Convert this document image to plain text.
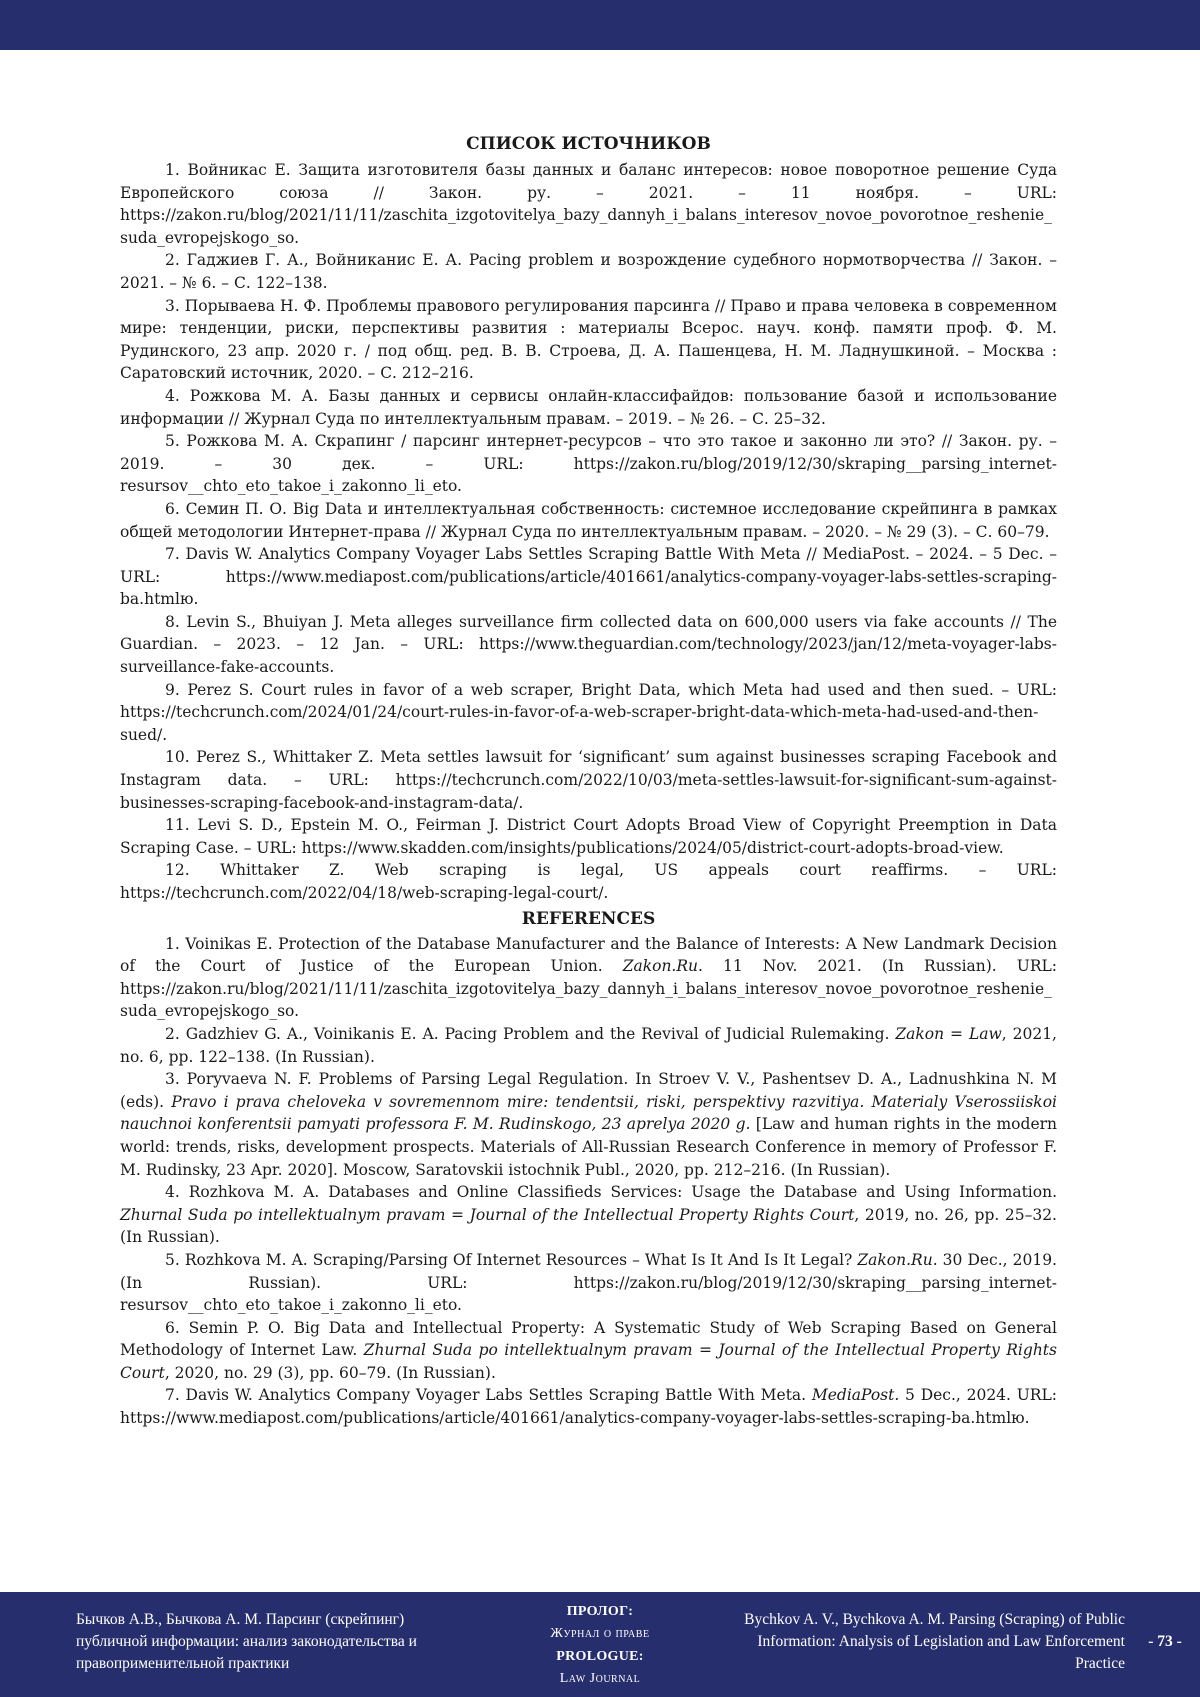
СПИСОК ИСТОЧНИКОВ
1. Войникас Е. Защита изготовителя базы данных и баланс интересов: новое поворотное решение Суда Европейского союза // Закон. ру. – 2021. – 11 ноября. – URL: https://zakon.ru/blog/2021/11/11/zaschita_izgotovitelya_bazy_dannyh_i_balans_interesov_novoe_povorotnoe_reshenie_suda_evropejskogo_so.
2. Гаджиев Г. А., Войниканис Е. А. Pacing problem и возрождение судебного нормотворчества // Закон. – 2021. – № 6. – С. 122–138.
3. Порываева Н. Ф. Проблемы правового регулирования парсинга // Право и права человека в современном мире: тенденции, риски, перспективы развития : материалы Всерос. науч. конф. памяти проф. Ф. М. Рудинского, 23 апр. 2020 г. / под общ. ред. В. В. Строева, Д. А. Пашенцева, Н. М. Ладнушкиной. – Москва : Саратовский источник, 2020. – С. 212–216.
4. Рожкова М. А. Базы данных и сервисы онлайн-классифайдов: пользование базой и использование информации // Журнал Суда по интеллектуальным правам. – 2019. – № 26. – С. 25–32.
5. Рожкова М. А. Скрапинг / парсинг интернет-ресурсов – что это такое и законно ли это? // Закон. ру. – 2019. – 30 дек. – URL: https://zakon.ru/blog/2019/12/30/skraping__parsing_internet-resursov__chto_eto_takoe_i_zakonno_li_eto.
6. Семин П. О. Big Data и интеллектуальная собственность: системное исследование скрейпинга в рамках общей методологии Интернет-права // Журнал Суда по интеллектуальным правам. – 2020. – № 29 (3). – С. 60–79.
7. Davis W. Analytics Company Voyager Labs Settles Scraping Battle With Meta // MediaPost. – 2024. – 5 Dec. – URL: https://www.mediapost.com/publications/article/401661/analytics-company-voyager-labs-settles-scraping-ba.htmlю.
8. Levin S., Bhuiyan J. Meta alleges surveillance firm collected data on 600,000 users via fake accounts // The Guardian. – 2023. – 12 Jan. – URL: https://www.theguardian.com/technology/2023/jan/12/meta-voyager-labs-surveillance-fake-accounts.
9. Perez S. Court rules in favor of a web scraper, Bright Data, which Meta had used and then sued. – URL: https://techcrunch.com/2024/01/24/court-rules-in-favor-of-a-web-scraper-bright-data-which-meta-had-used-and-then-sued/.
10. Perez S., Whittaker Z. Meta settles lawsuit for ‘significant’ sum against businesses scraping Facebook and Instagram data. – URL: https://techcrunch.com/2022/10/03/meta-settles-lawsuit-for-significant-sum-against-businesses-scraping-facebook-and-instagram-data/.
11. Levi S. D., Epstein M. O., Feirman J. District Court Adopts Broad View of Copyright Preemption in Data Scraping Case. – URL: https://www.skadden.com/insights/publications/2024/05/district-court-adopts-broad-view.
12. Whittaker Z. Web scraping is legal, US appeals court reaffirms. – URL: https://techcrunch.com/2022/04/18/web-scraping-legal-court/.
REFERENCES
1. Voinikas E. Protection of the Database Manufacturer and the Balance of Interests: A New Landmark Decision of the Court of Justice of the European Union. Zakon.Ru. 11 Nov. 2021. (In Russian). URL: https://zakon.ru/blog/2021/11/11/zaschita_izgotovitelya_bazy_dannyh_i_balans_interesov_novoe_povorotnoe_reshenie_suda_evropejskogo_so.
2. Gadzhiev G. A., Voinikanis E. A. Pacing Problem and the Revival of Judicial Rulemaking. Zakon = Law, 2021, no. 6, pp. 122–138. (In Russian).
3. Poryvaeva N. F. Problems of Parsing Legal Regulation. In Stroev V. V., Pashentsev D. A., Ladnushkina N. M (eds). Pravo i prava cheloveka v sovremennom mire: tendentsii, riski, perspektivy razvitiya. Materialy Vserossiiskoi nauchnoi konferentsii pamyati professora F. M. Rudinskogo, 23 aprelya 2020 g. [Law and human rights in the modern world: trends, risks, development prospects. Materials of All-Russian Research Conference in memory of Professor F. M. Rudinsky, 23 Apr. 2020]. Moscow, Saratovskii istochnik Publ., 2020, pp. 212–216. (In Russian).
4. Rozhkova M. A. Databases and Online Classifieds Services: Usage the Database and Using Information. Zhurnal Suda po intellektualnym pravam = Journal of the Intellectual Property Rights Court, 2019, no. 26, pp. 25–32. (In Russian).
5. Rozhkova M. A. Scraping/Parsing Of Internet Resources – What Is It And Is It Legal? Zakon.Ru. 30 Dec., 2019. (In Russian). URL: https://zakon.ru/blog/2019/12/30/skraping__parsing_internet-resursov__chto_eto_takoe_i_zakonno_li_eto.
6. Semin P. O. Big Data and Intellectual Property: A Systematic Study of Web Scraping Based on General Methodology of Internet Law. Zhurnal Suda po intellektualnym pravam = Journal of the Intellectual Property Rights Court, 2020, no. 29 (3), pp. 60–79. (In Russian).
7. Davis W. Analytics Company Voyager Labs Settles Scraping Battle With Meta. MediaPost. 5 Dec., 2024. URL: https://www.mediapost.com/publications/article/401661/analytics-company-voyager-labs-settles-scraping-ba.htmlю.
Бычков А.В., Бычкова А. М. Парсинг (скрейпинг) публичной информации: анализ законодательства и правоприменительной практики
ПРОЛОГ:
Журнал о праве
PROLOGUE:
Law Journal
Bychkov A. V., Bychkova A. M. Parsing (Scraping) of Public Information: Analysis of Legislation and Law Enforcement Practice
- 73 -
